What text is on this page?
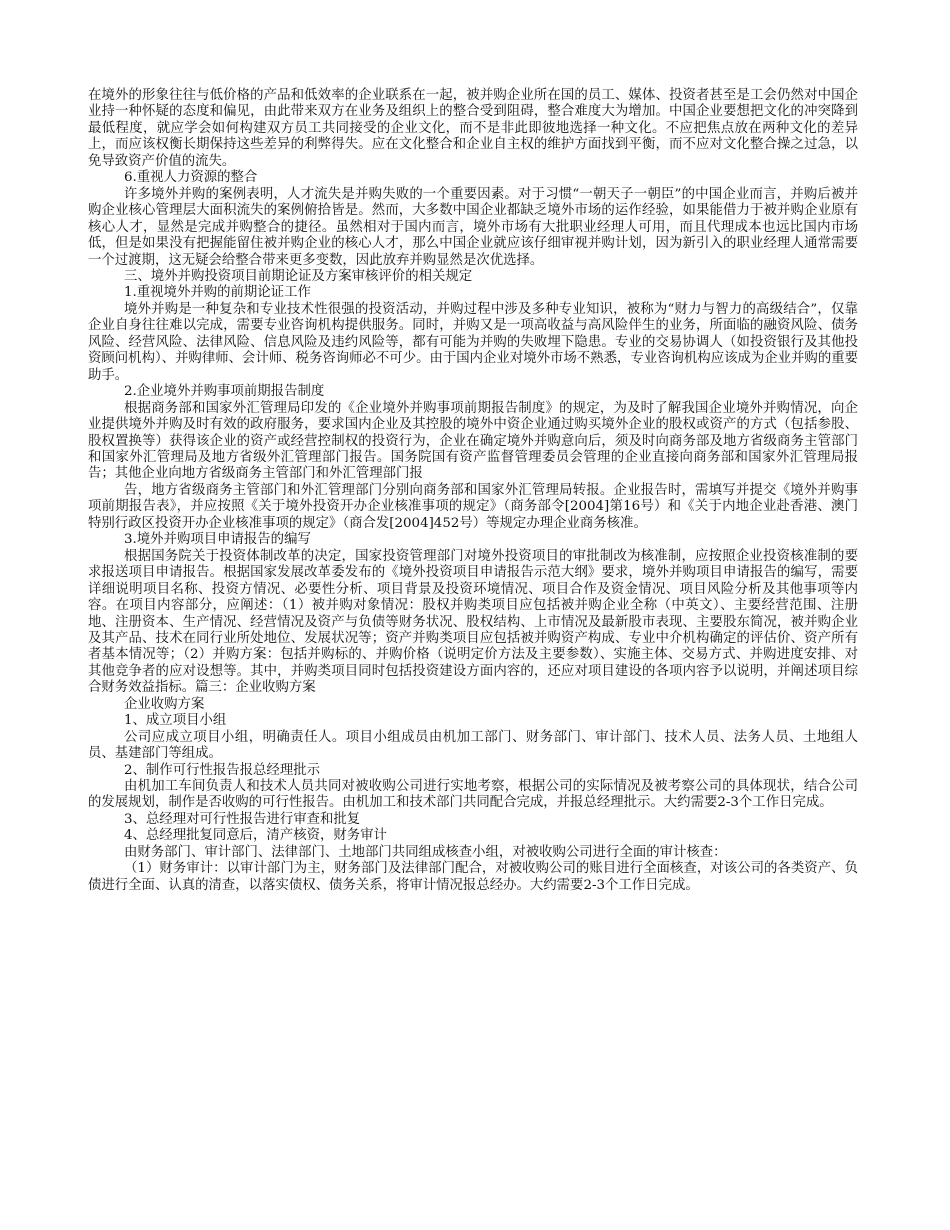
在境外的形象往往与低价格的产品和低效率的企业联系在一起，被并购企业所在国的员工、媒体、投资者甚至是工会仍然对中国企业持一种怀疑的态度和偏见，由此带来双方在业务及组织上的整合受到阻碍，整合难度大为增加。中国企业要想把文化的冲突降到最低程度，就应学会如何构建双方员工共同接受的企业文化，而不是非此即彼地选择一种文化。不应把焦点放在两种文化的差异上，而应该权衡长期保持这些差异的利弊得失。应在文化整合和企业自主权的维护方面找到平衡，而不应对文化整合操之过急，以免导致资产价值的流失。

6.重视人力资源的整合

许多境外并购的案例表明，人才流失是并购失败的一个重要因素。对于习惯“一朝天子一朝臣”的中国企业而言，并购后被并购企业核心管理层大面积流失的案例俯拾皆是。然而，大多数中国企业都缺乏境外市场的运作经验，如果能借力于被并购企业原有核心人才，显然是完成并购整合的捷径。虽然相对于国内而言，境外市场有大批职业经理人可用，而且代理成本也远比国内市场低，但是如果没有把握能留住被并购企业的核心人才，那么中国企业就应该仔细审视并购计划，因为新引入的职业经理人通常需要一个过渡期，这无疑会给整合带来更多变数，因此放弃并购显然是次优选择。

三、境外并购投资项目前期论证及方案审核评价的相关规定

1.重视境外并购的前期论证工作

境外并购是一种复杂和专业技术性很强的投资活动，并购过程中涉及多种专业知识，被称为“财力与智力的高级结合”，仅靠企业自身往往难以完成，需要专业咨询机构提供服务。同时，并购又是一项高收益与高风险伴生的业务，所面临的融资风险、债务风险、经营风险、法律风险、信息风险及违约风险等，都有可能为并购的失败埋下隐患。专业的交易协调人（如投资银行及其他投资顾问机构）、并购律师、会计师、税务咨询师必不可少。由于国内企业对境外市场不熟悉，专业咨询机构应该成为企业并购的重要助手。

2.企业境外并购事项前期报告制度

根据商务部和国家外汇管理局印发的《企业境外并购事项前期报告制度》的规定，为及时了解我国企业境外并购情况，向企业提供境外并购及时有效的政府服务，要求国内企业及其控股的境外中资企业通过购买境外企业的股权或资产的方式（包括参股、股权置换等）获得该企业的资产或经营控制权的投资行为，企业在确定境外并购意向后，须及时向商务部及地方省级商务主管部门和国家外汇管理局及地方省级外汇管理部门报告。国务院国有资产监督管理委员会管理的企业直接向商务部和国家外汇管理局报告；其他企业向地方省级商务主管部门和外汇管理部门报

告，地方省级商务主管部门和外汇管理部门分别向商务部和国家外汇管理局转报。企业报告时，需填写并提交《境外并购事项前期报告表》，并应按照《关于境外投资开办企业核准事项的规定》（商务部令[2004]第16号）和《关于内地企业赴香港、澳门特别行政区投资开办企业核准事项的规定》（商合发[2004]452号）等规定办理企业商务核准。

3.境外并购项目申请报告的编写

根据国务院关于投资体制改革的决定，国家投资管理部门对境外投资项目的审批制改为核准制，应按照企业投资核准制的要求报送项目申请报告。根据国家发展改革委发布的《境外投资项目申请报告示范大纲》要求，境外并购项目申请报告的编写，需要详细说明项目名称、投资方情况、必要性分析、项目背景及投资环境情况、项目合作及资金情况、项目风险分析及其他事项等内容。在项目内容部分，应阐述：（1）被并购对象情况：股权并购类项目应包括被并购企业全称（中英文）、主要经营范围、注册地、注册资本、生产情况、经营情况及资产与负债等财务状况、股权结构、上市情况及最新股市表现、主要股东简况，被并购企业及其产品、技术在同行业所处地位、发展状况等；资产并购类项目应包括被并购资产构成、专业中介机构确定的评估价、资产所有者基本情况等；（2）并购方案：包括并购标的、并购价格（说明定价方法及主要参数）、实施主体、交易方式、并购进度安排、对其他竞争者的应对设想等。其中，并购类项目同时包括投资建设方面内容的，还应对项目建设的各项内容予以说明，并阐述项目综合财务效益指标。篇三：企业收购方案

企业收购方案

1、成立项目小组

公司应成立项目小组，明确责任人。项目小组成员由机加工部门、财务部门、审计部门、技术人员、法务人员、土地组人员、基建部门等组成。

2、制作可行性报告报总经理批示

由机加工车间负责人和技术人员共同对被收购公司进行实地考察，根据公司的实际情况及被考察公司的具体现状，结合公司的发展规划，制作是否收购的可行性报告。由机加工和技术部门共同配合完成，并报总经理批示。大约需要2-3个工作日完成。

3、总经理对可行性报告进行审查和批复

4、总经理批复同意后，清产核资，财务审计

由财务部门、审计部门、法律部门、土地部门共同组成核查小组，对被收购公司进行全面的审计核查：

（1）财务审计：以审计部门为主，财务部门及法律部门配合，对被收购公司的账目进行全面核查，对该公司的各类资产、负债进行全面、认真的清查，以落实债权、债务关系，将审计情况报总经办。大约需要2-3个工作日完成。
